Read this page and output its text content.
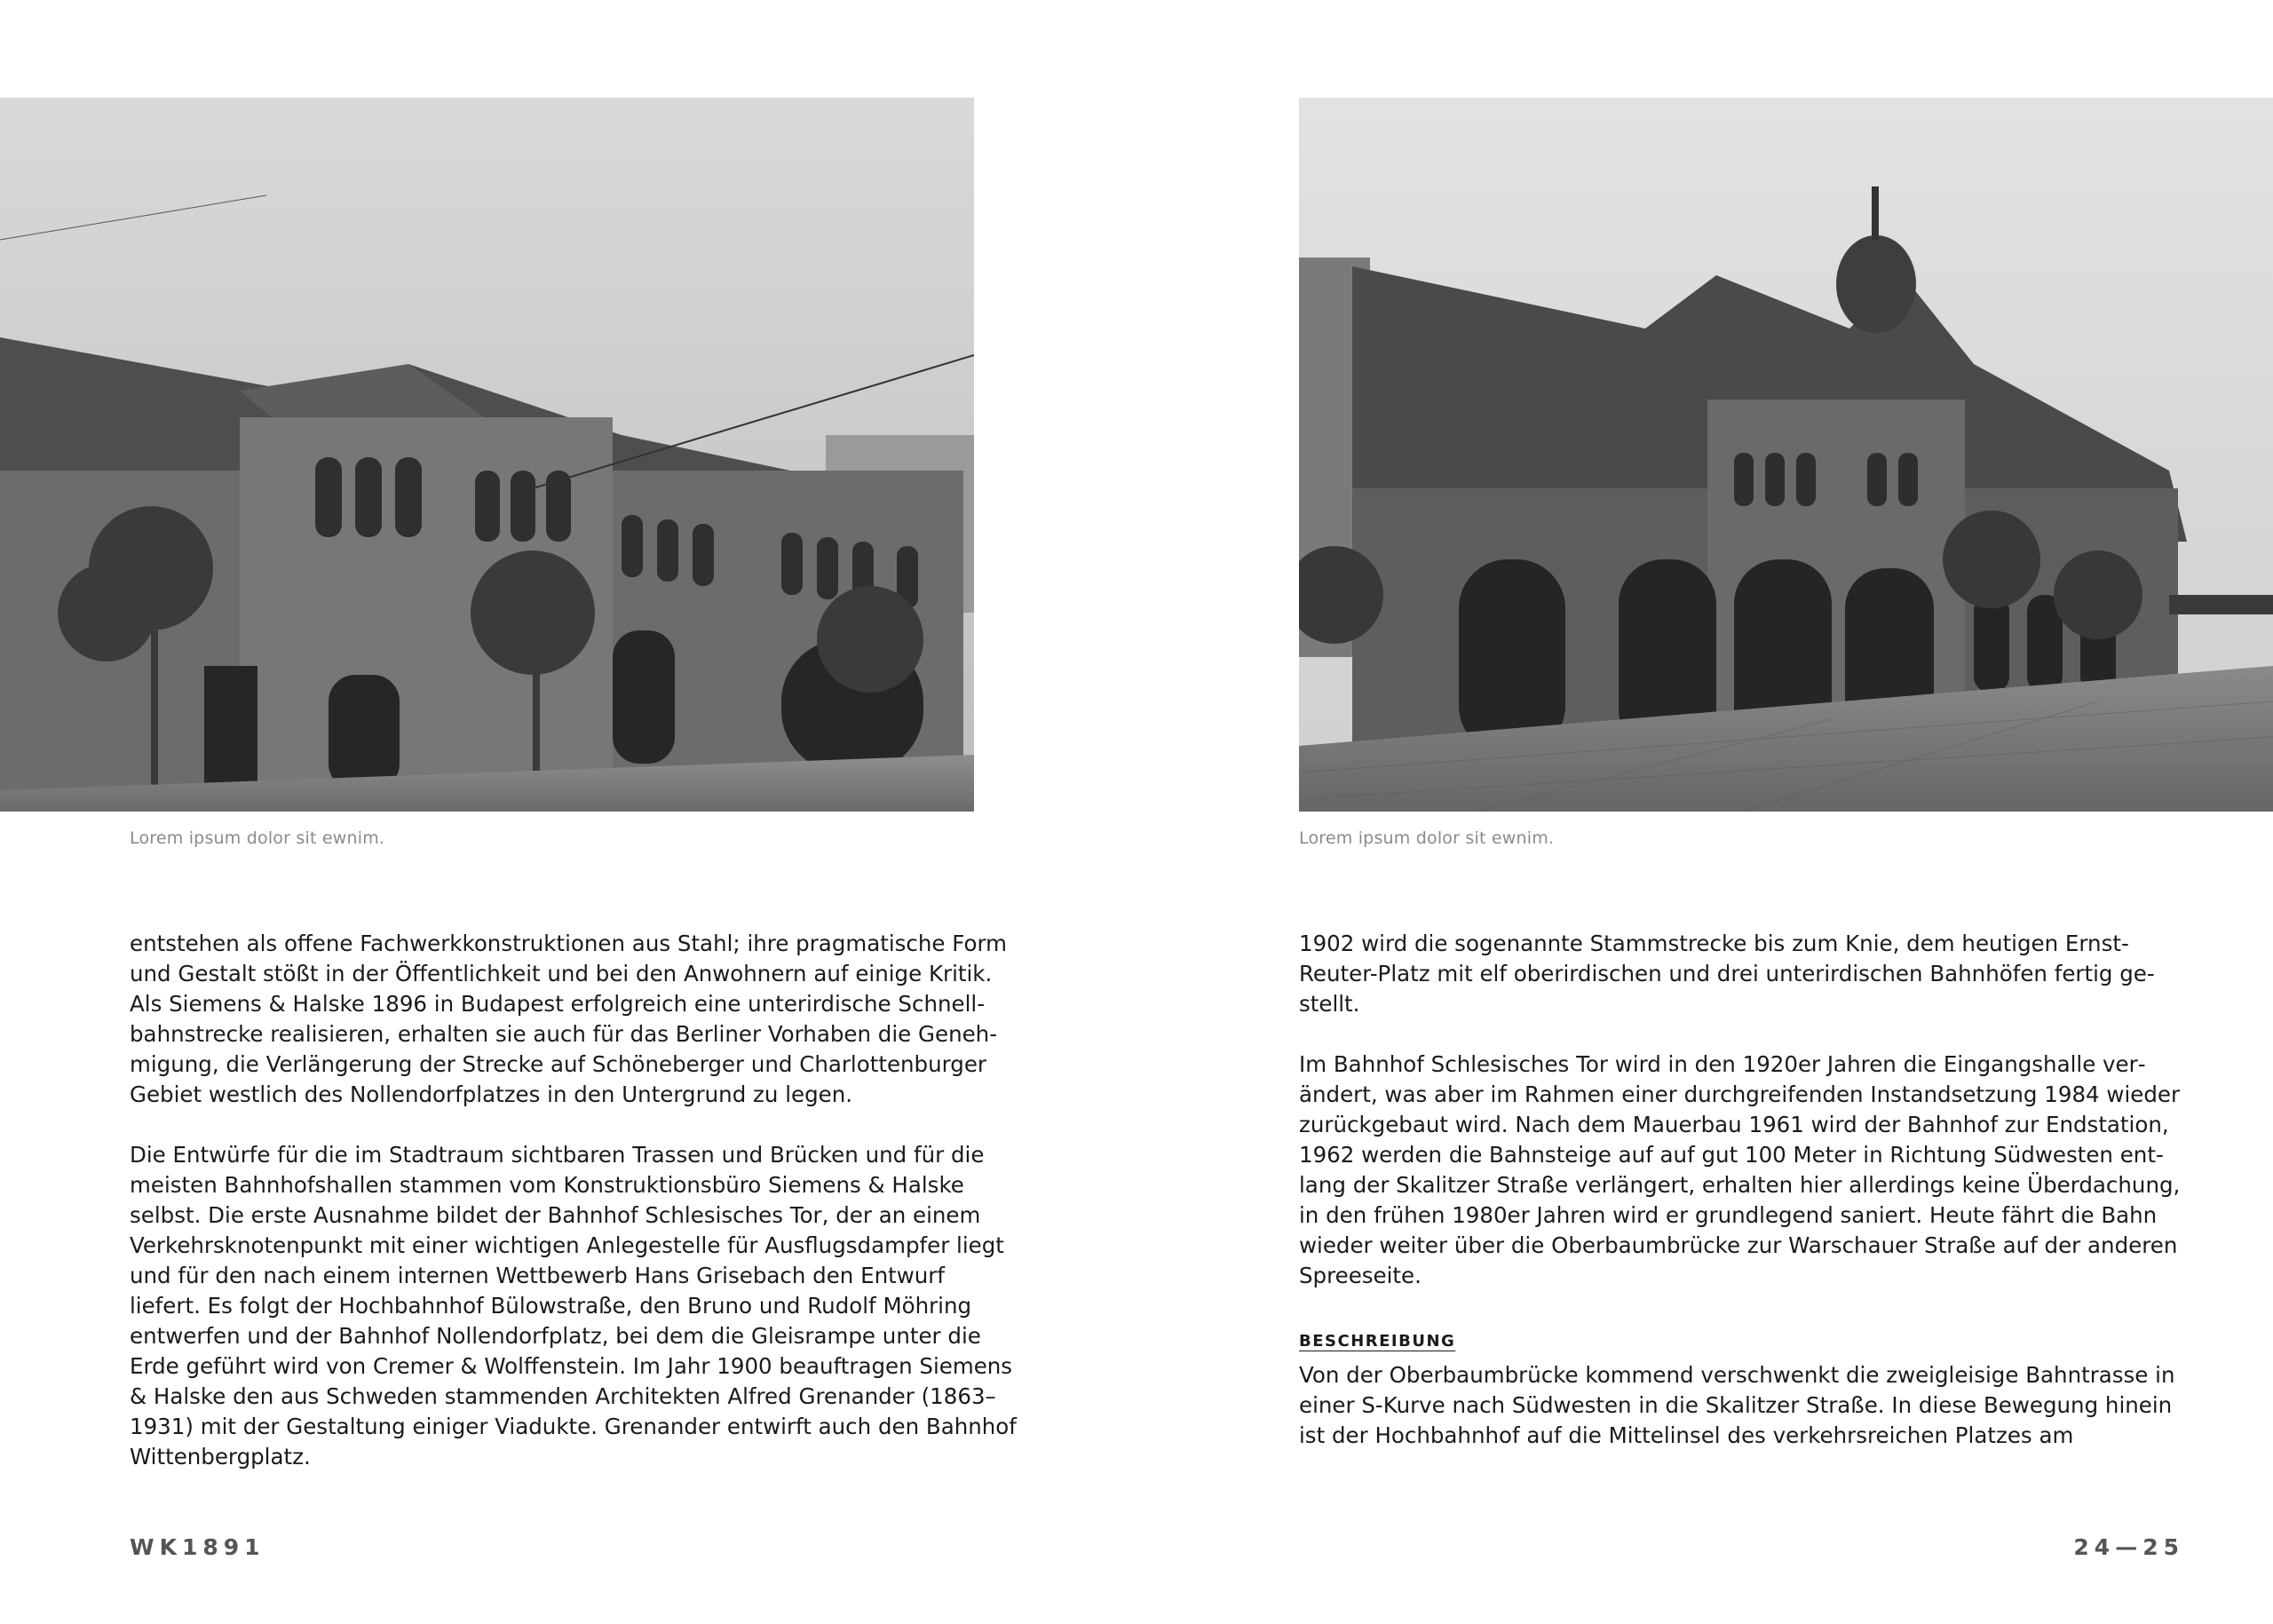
Lorem ipsum dolor sit ewnim.

entstehen als offene Fachwerkkonstruktionen aus Stahl; ihre pragmatische Form und Gestalt stößt in der Öffentlichkeit und bei den Anwohnern auf einige Kritik. Als Siemens & Halske 1896 in Budapest erfolgreich eine unterirdische Schnellbahnstrecke realisieren, erhalten sie auch für das Berliner Vorhaben die Genehmigung, die Verlängerung der Strecke auf Schöneberger und Charlottenburger Gebiet westlich des Nollendorfplatzes in den Untergrund zu legen.

Die Entwürfe für die im Stadtraum sichtbaren Trassen und Brücken und für die meisten Bahnhofshallen stammen vom Konstruktionsbüro Siemens & Halske selbst. Die erste Ausnahme bildet der Bahnhof Schlesisches Tor, der an einem Verkehrsknotenpunkt mit einer wichtigen Anlegestelle für Ausflugsdampfer liegt und für den nach einem internen Wettbewerb Hans Grisebach den Entwurf liefert. Es folgt der Hochbahnhof Bülowstraße, den Bruno und Rudolf Möhring entwerfen und der Bahnhof Nollendorfplatz, bei dem die Gleisrampe unter die Erde geführt wird von Cremer & Wolffenstein. Im Jahr 1900 beauftragen Siemens & Halske den aus Schweden stammenden Architekten Alfred Grenander (1863–1931) mit der Gestaltung einiger Viadukte. Grenander entwirft auch den Bahnhof Wittenbergplatz.

WK1891

Lorem ipsum dolor sit ewnim.

1902 wird die sogenannte Stammstrecke bis zum Knie, dem heutigen Ernst-Reuter-Platz mit elf oberirdischen und drei unterirdischen Bahnhöfen fertig gestellt.

Im Bahnhof Schlesisches Tor wird in den 1920er Jahren die Eingangshalle verändert, was aber im Rahmen einer durchgreifenden Instandsetzung 1984 wieder zurückgebaut wird. Nach dem Mauerbau 1961 wird der Bahnhof zur Endstation, 1962 werden die Bahnsteige auf auf gut 100 Meter in Richtung Südwesten entlang der Skalitzer Straße verlängert, erhalten hier allerdings keine Überdachung, in den frühen 1980er Jahren wird er grundlegend saniert. Heute fährt die Bahn wieder weiter über die Oberbaumbrücke zur Warschauer Straße auf der anderen Spreeseite.

BESCHREIBUNG

Von der Oberbaumbrücke kommend verschwenkt die zweigleisige Bahntrasse in einer S-Kurve nach Südwesten in die Skalitzer Straße. In diese Bewegung hinein ist der Hochbahnhof auf die Mittelinsel des verkehrsreichen Platzes am

24—25
